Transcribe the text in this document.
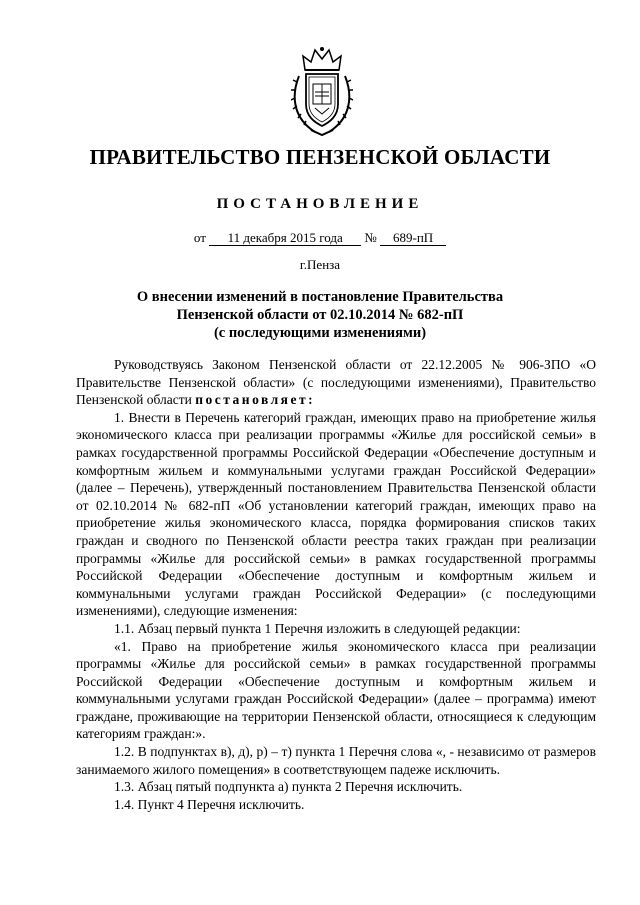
ПРАВИТЕЛЬСТВО ПЕНЗЕНСКОЙ ОБЛАСТИ
ПОСТАНОВЛЕНИЕ
от 11 декабря 2015 года № 689-пП
г.Пенза
О внесении изменений в постановление Правительства
Пензенской области от 02.10.2014 № 682-пП
(с последующими изменениями)

Руководствуясь Законом Пензенской области от 22.12.2005 № 906-ЗПО «О Правительстве Пензенской области» (с последующими изменениями), Правительство Пензенской области постановляет:

1. Внести в Перечень категорий граждан, имеющих право на приобретение жилья экономического класса при реализации программы «Жилье для российской семьи» в рамках государственной программы Российской Федерации «Обеспечение доступным и комфортным жильем и коммунальными услугами граждан Российской Федерации» (далее – Перечень), утвержденный постановлением Правительства Пензенской области от 02.10.2014 № 682-пП «Об установлении категорий граждан, имеющих право на приобретение жилья экономического класса, порядка формирования списков таких граждан и сводного по Пензенской области реестра таких граждан при реализации программы «Жилье для российской семьи» в рамках государственной программы Российской Федерации «Обеспечение доступным и комфортным жильем и коммунальными услугами граждан Российской Федерации» (с последующими изменениями), следующие изменения:

1.1. Абзац первый пункта 1 Перечня изложить в следующей редакции:

«1. Право на приобретение жилья экономического класса при реализации программы «Жилье для российской семьи» в рамках государственной программы Российской Федерации «Обеспечение доступным и комфортным жильем и коммунальными услугами граждан Российской Федерации» (далее – программа) имеют граждане, проживающие на территории Пензенской области, относящиеся к следующим категориям граждан:».

1.2. В подпунктах в), д), р) – т) пункта 1 Перечня слова «, - независимо от размеров занимаемого жилого помещения» в соответствующем падеже исключить.

1.3. Абзац пятый подпункта а) пункта 2 Перечня исключить.

1.4. Пункт 4 Перечня исключить.
